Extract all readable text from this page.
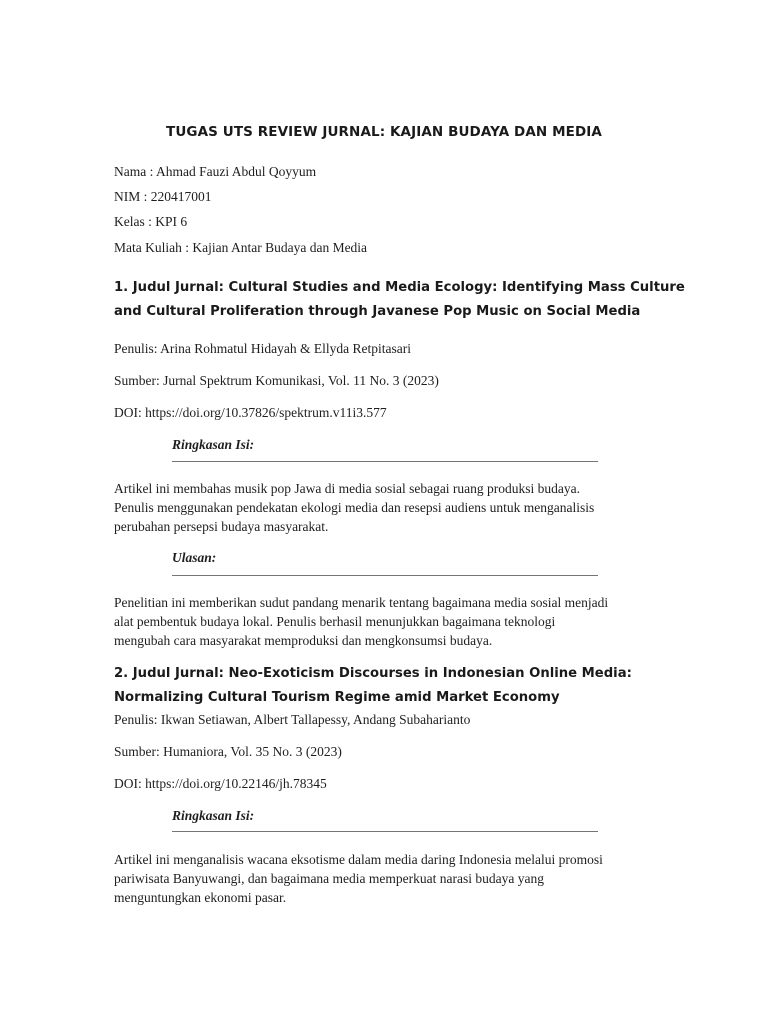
TUGAS UTS REVIEW JURNAL: KAJIAN BUDAYA DAN MEDIA
Nama : Ahmad Fauzi Abdul Qoyyum
NIM : 220417001
Kelas : KPI 6
Mata Kuliah : Kajian Antar Budaya dan Media
1. Judul Jurnal: Cultural Studies and Media Ecology: Identifying Mass Culture
and Cultural Proliferation through Javanese Pop Music on Social Media
Penulis: Arina Rohmatul Hidayah & Ellyda Retpitasari
Sumber: Jurnal Spektrum Komunikasi, Vol. 11 No. 3 (2023)
DOI: https://doi.org/10.37826/spektrum.v11i3.577
Ringkasan Isi:
Artikel ini membahas musik pop Jawa di media sosial sebagai ruang produksi budaya.
Penulis menggunakan pendekatan ekologi media dan resepsi audiens untuk menganalisis
perubahan persepsi budaya masyarakat.
Ulasan:
Penelitian ini memberikan sudut pandang menarik tentang bagaimana media sosial menjadi
alat pembentuk budaya lokal. Penulis berhasil menunjukkan bagaimana teknologi
mengubah cara masyarakat memproduksi dan mengkonsumsi budaya.
2. Judul Jurnal: Neo-Exoticism Discourses in Indonesian Online Media:
Normalizing Cultural Tourism Regime amid Market Economy
Penulis: Ikwan Setiawan, Albert Tallapessy, Andang Subaharianto
Sumber: Humaniora, Vol. 35 No. 3 (2023)
DOI: https://doi.org/10.22146/jh.78345
Ringkasan Isi:
Artikel ini menganalisis wacana eksotisme dalam media daring Indonesia melalui promosi
pariwisata Banyuwangi, dan bagaimana media memperkuat narasi budaya yang
menguntungkan ekonomi pasar.
